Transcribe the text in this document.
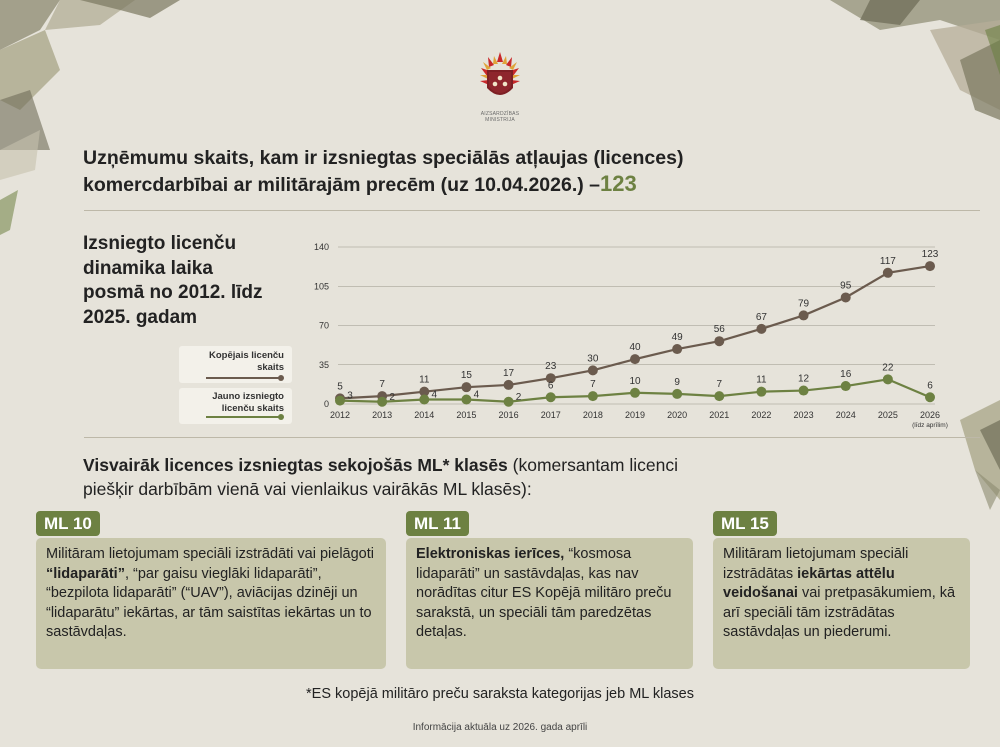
AIZSARDZĪBAS
MINISTRIJA
Uzņēmumu skaits, kam ir izsniegtas speciālās atļaujas (licences)
komercdarbībai ar militārajām precēm (uz 10.04.2026.) –123
Izsniegto licenču
dinamika laika
posmā no 2012. līdz
2025. gadam
Kopējais licenču
skaits
Jauno izsniegto
licenču skaits	0
35
70
105
140
2012 2013 2014 2015 2016 2017 2018 2019 2020 2021 2022 2023 2024 2025 2026
(līdz aprīlim)
5	7	11	15	17
23
30
40
49
56
67
79
95
117
123
3	2	4	4	2
6	7	10	9	7	11	12	16
22
6
Visvairāk licences izsniegtas sekojošās ML* klasēs (komersantam licenci
piešķir darbībām vienā vai vienlaikus vairākās ML klasēs):
Militāram lietojumam speciāli izstrādāti vai pielāgoti “lidaparāti”, “par gaisu vieglāki lidaparāti”, “bezpilota lidaparāti” (“UAV”), aviācijas dzinēji un “lidaparātu” iekārtas, ar tām saistītas iekārtas un to sastāvdaļas.
ML 10
Elektroniskas ierīces, “kosmosa lidaparāti” un sastāvdaļas, kas nav norādītas citur ES Kopējā militāro preču sarakstā, un speciāli tām paredzētas detaļas.
ML 11
Militāram lietojumam speciāli izstrādātas iekārtas attēlu veidošanai vai pretpasākumiem, kā arī speciāli tām izstrādātas sastāvdaļas un piederumi.
ML 15
*ES kopējā militāro preču saraksta kategorijas jeb ML klases
Informācija aktuāla uz 2026. gada aprīli
